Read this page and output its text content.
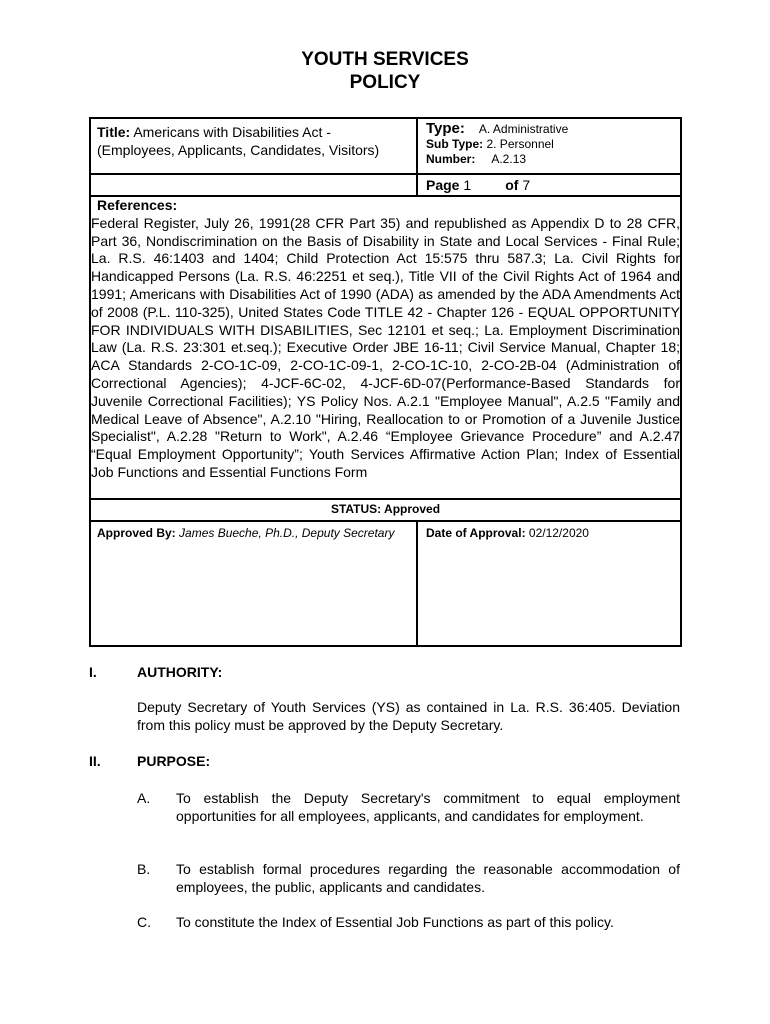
YOUTH SERVICES
POLICY
Title: Americans with Disabilities Act -
(Employees, Applicants, Candidates, Visitors)
Type: A. Administrative
Sub Type: 2. Personnel
Number: A.2.13
Page 1 of 7
References:
Federal Register, July 26, 1991(28 CFR Part 35) and republished as Appendix D to 28 CFR, Part 36, Nondiscrimination on the Basis of Disability in State and Local Services - Final Rule; La. R.S. 46:1403 and 1404; Child Protection Act 15:575 thru 587.3; La. Civil Rights for Handicapped Persons (La. R.S. 46:2251 et seq.), Title VII of the Civil Rights Act of 1964 and 1991; Americans with Disabilities Act of 1990 (ADA) as amended by the ADA Amendments Act of 2008 (P.L. 110-325), United States Code TITLE 42 - Chapter 126 - EQUAL OPPORTUNITY FOR INDIVIDUALS WITH DISABILITIES, Sec 12101 et seq.; La. Employment Discrimination Law (La. R.S. 23:301 et.seq.); Executive Order JBE 16-11; Civil Service Manual, Chapter 18; ACA Standards 2-CO-1C-09, 2-CO-1C-09-1, 2-CO-1C-10, 2-CO-2B-04 (Administration of Correctional Agencies); 4-JCF-6C-02, 4-JCF-6D-07(Performance-Based Standards for Juvenile Correctional Facilities); YS Policy Nos. A.2.1 "Employee Manual", A.2.5 "Family and Medical Leave of Absence", A.2.10 "Hiring, Reallocation to or Promotion of a Juvenile Justice Specialist", A.2.28 "Return to Work", A.2.46 “Employee Grievance Procedure” and A.2.47 “Equal Employment Opportunity”; Youth Services Affirmative Action Plan; Index of Essential Job Functions and Essential Functions Form
STATUS: Approved
Approved By: James Bueche, Ph.D., Deputy Secretary	Date of Approval: 02/12/2020
I.	AUTHORITY:
Deputy Secretary of Youth Services (YS) as contained in La. R.S. 36:405. Deviation from this policy must be approved by the Deputy Secretary.
II.	PURPOSE:
A. To establish the Deputy Secretary's commitment to equal employment opportunities for all employees, applicants, and candidates for employment.
B. To establish formal procedures regarding the reasonable accommodation of employees, the public, applicants and candidates.
C. To constitute the Index of Essential Job Functions as part of this policy.
